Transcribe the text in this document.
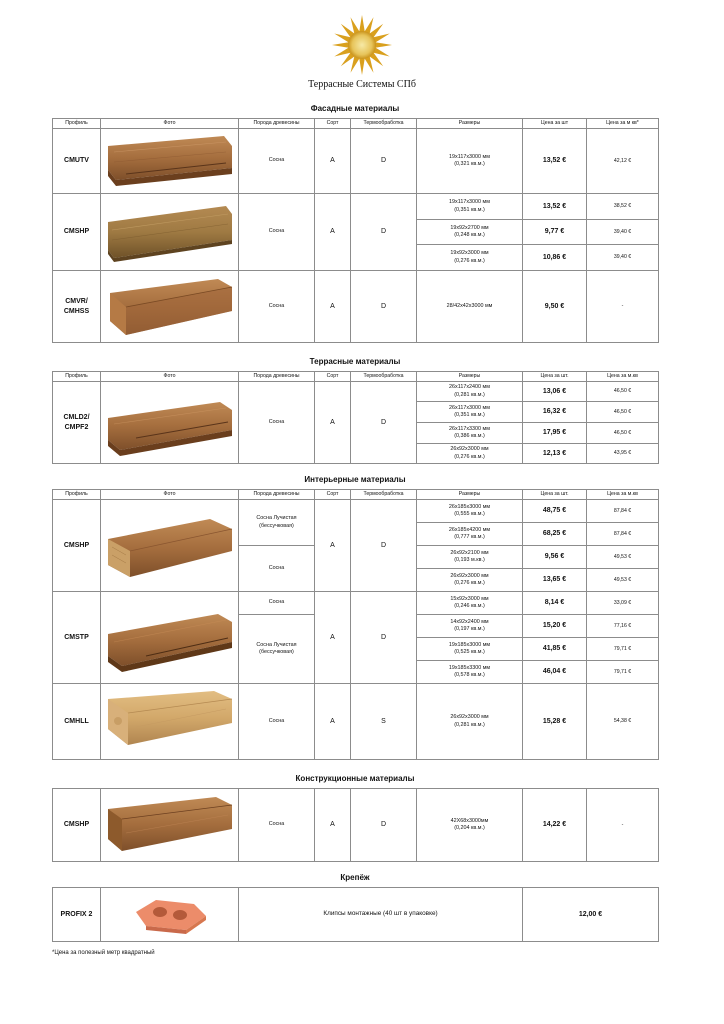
Террасные Системы СПб
Фасадные материалы
Профиль	Фото	Порода древесины	Сорт	Термообработка	Размеры	Цена за шт	Цена за м кв*
CMUTV		Сосна	A	D	19x117x3000 мм
(0,321 кв.м.)	13,52 €	42,12 €
CMSHP		Сосна	A	D	19x117x3000 мм
(0,351 кв.м.)	13,52 €	38,52 €
					19x92x2700 мм
(0,248 кв.м.)	9,77 €	39,40 €
					19x92x3000 мм
(0,276 кв.м.)	10,86 €	39,40 €
CMVR/ CMHSS		Сосна	A	D	28/42x42x3000 мм	9,50 €	-
Террасные материалы
Профиль	Фото	Порода древесины	Сорт	Термообработка	Размеры	Цена за шт.	Цена за м.кв
CMLD2/ CMPF2		Сосна	A	D	26x117x2400 мм
(0,281 кв.м.)	13,06 €	46,50 €
					26x117x3000 мм
(0,351 кв.м.)	16,32 €	46,50 €
					26x117x3300 мм
(0,386 кв.м.)	17,95 €	46,50 €
					26x92x3000 мм
(0,276 кв.м.)	12,13 €	43,95 €
Интерьерные материалы
Профиль	Фото	Порода древесины	Сорт	Термообработка	Размеры	Цена за шт.	Цена за м.кв
CMSHP		Сосна Лучистая (бессучковая)	A	D	26x185x3000 мм
(0,555 кв.м.)	48,75 €	87,84 €
					26x185x4200 мм
(0,777 кв.м.)	68,25 €	87,84 €
		Сосна			26x92x2100 мм
(0,193 м.кв.)	9,56 €	49,53 €
					26x92x3000 мм
(0,276 кв.м.)	13,65 €	49,53 €
CMSTP		Сосна	A	D	15x92x3000 мм
(0,246 кв.м.)	8,14 €	33,09 €
		Сосна Лучистая (бессучковая)			14x92x2400 мм
(0,197 кв.м.)	15,20 €	77,16 €
					19x185x3000 мм
(0,525 кв.м.)	41,85 €	79,71 €
					19x185x3300 мм
(0,578 кв.м.)	46,04 €	79,71 €
CMHLL		Сосна	A	S	26x92x3000 мм
(0,281 кв.м.)	15,28 €	54,38 €
Конструкционные материалы
CMSHP		Сосна	A	D	42X68x3000мм
(0,204 кв.м.)	14,22 €	-
Крепёж
PROFIX 2		Клипсы монтажные (40 шт в упаковке)	12,00 €
*Цена за полезный метр квадратный
